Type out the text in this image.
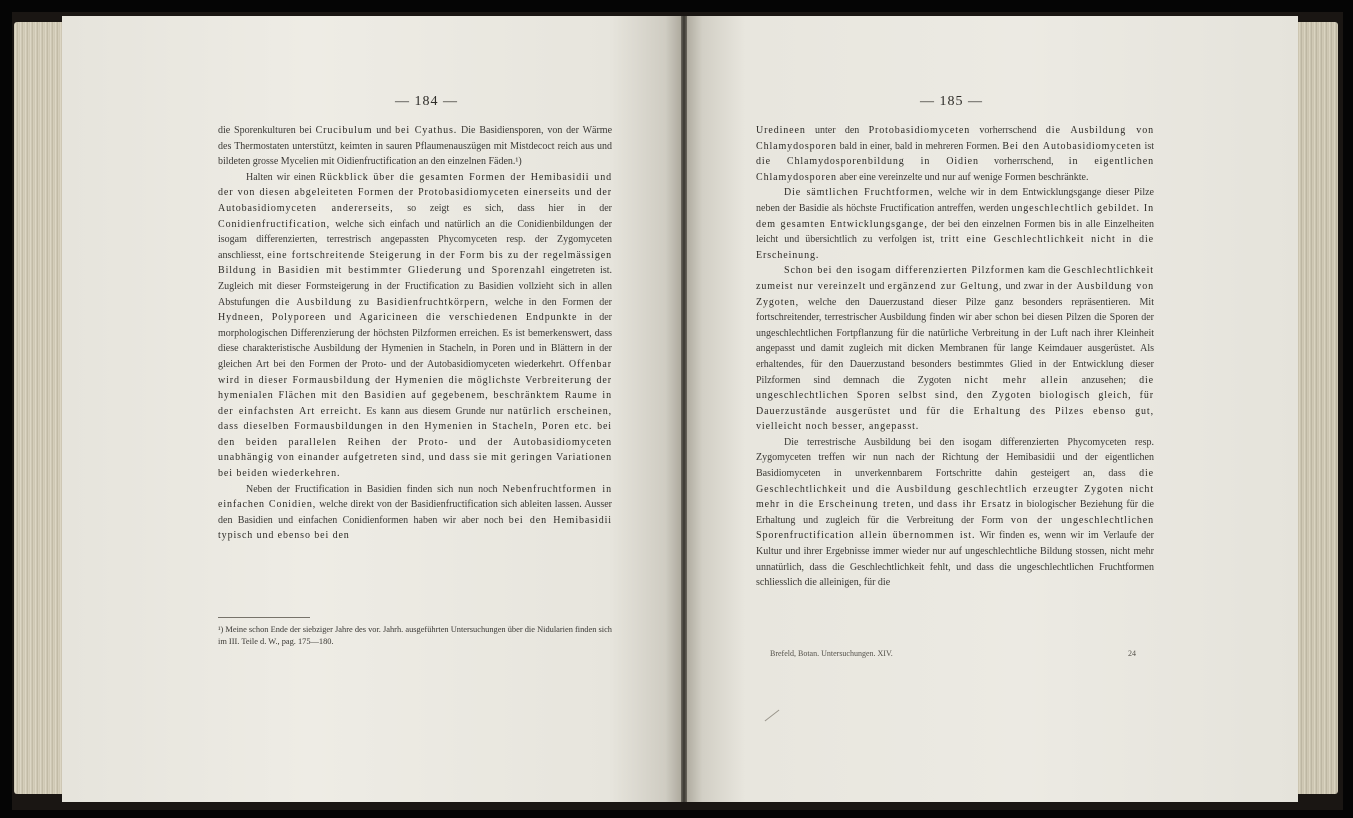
— 184 —

die Sporenkulturen bei Crucibulum und bei Cyathus. Die Basidiensporen, von der Wärme des Thermostaten unterstützt, keimten in sauren Pflaumenauszügen mit Mistdecoct reich aus und bildeten grosse Mycelien mit Oidienfructification an den einzelnen Fäden.¹)

Halten wir einen Rückblick über die gesamten Formen der Hemibasidii und der von diesen abgeleiteten Formen der Protobasidiomyceten einerseits und der Autobasidiomyceten andererseits, so zeigt es sich, dass hier in der Conidienfructification, welche sich einfach und natürlich an die Conidienbildungen der isogam differenzierten, terrestrisch angepassten Phycomyceten resp. der Zygomyceten anschliesst, eine fortschreitende Steigerung in der Form bis zu der regelmässigen Bildung in Basidien mit bestimmter Gliederung und Sporenzahl eingetreten ist. Zugleich mit dieser Formsteigerung in der Fructification zu Basidien vollzieht sich in allen Abstufungen die Ausbildung zu Basidienfruchtkörpern, welche in den Formen der Hydneen, Polyporeen und Agaricineen die verschiedenen Endpunkte in der morphologischen Differenzierung der höchsten Pilzformen erreichen. Es ist bemerkenswert, dass diese charakteristische Ausbildung der Hymenien in Stacheln, in Poren und in Blättern in der gleichen Art bei den Formen der Proto- und der Autobasidiomyceten wiederkehrt. Offenbar wird in dieser Formausbildung der Hymenien die möglichste Verbreiterung der hymenialen Flächen mit den Basidien auf gegebenem, beschränktem Raume in der einfachsten Art erreicht. Es kann aus diesem Grunde nur natürlich erscheinen, dass dieselben Formausbildungen in den Hymenien in Stacheln, Poren etc. bei den beiden parallelen Reihen der Proto- und der Autobasidiomyceten unabhängig von einander aufgetreten sind, und dass sie mit geringen Variationen bei beiden wiederkehren.

Neben der Fructification in Basidien finden sich nun noch Nebenfruchtformen in einfachen Conidien, welche direkt von der Basidienfructification sich ableiten lassen. Ausser den Basidien und einfachen Conidienformen haben wir aber noch bei den Hemibasidii typisch und ebenso bei den

¹) Meine schon Ende der siebziger Jahre des vor. Jahrh. ausgeführten Untersuchungen über die Nidularien finden sich im III. Teile d. W., pag. 175—180.
— 185 —

Uredineen unter den Protobasidiomyceten vorherrschend die Ausbildung von Chlamydosporen bald in einer, bald in mehreren Formen. Bei den Autobasidiomyceten ist die Chlamydosporenbildung in Oidien vorherrschend, in eigentlichen Chlamydosporen aber eine vereinzelte und nur auf wenige Formen beschränkte.

Die sämtlichen Fruchtformen, welche wir in dem Entwicklungsgange dieser Pilze neben der Basidie als höchste Fructification antreffen, werden ungeschlechtlich gebildet. In dem gesamten Entwicklungsgange, der bei den einzelnen Formen bis in alle Einzelheiten leicht und übersichtlich zu verfolgen ist, tritt eine Geschlechtlichkeit nicht in die Erscheinung.

Schon bei den isogam differenzierten Pilzformen kam die Geschlechtlichkeit zumeist nur vereinzelt und ergänzend zur Geltung, und zwar in der Ausbildung von Zygoten, welche den Dauerzustand dieser Pilze ganz besonders repräsentieren. Mit fortschreitender, terrestrischer Ausbildung finden wir aber schon bei diesen Pilzen die Sporen der ungeschlechtlichen Fortpflanzung für die natürliche Verbreitung in der Luft nach ihrer Kleinheit angepasst und damit zugleich mit dicken Membranen für lange Keimdauer ausgerüstet. Als erhaltendes, für den Dauerzustand besonders bestimmtes Glied in der Entwicklung dieser Pilzformen sind demnach die Zygoten nicht mehr allein anzusehen; die ungeschlechtlichen Sporen selbst sind, den Zygoten biologisch gleich, für Dauerzustände ausgerüstet und für die Erhaltung des Pilzes ebenso gut, vielleicht noch besser, angepasst.

Die terrestrische Ausbildung bei den isogam differenzierten Phycomyceten resp. Zygomyceten treffen wir nun nach der Richtung der Hemibasidii und der eigentlichen Basidiomyceten in unverkennbarem Fortschritte dahin gesteigert an, dass die Geschlechtlichkeit und die Ausbildung geschlechtlich erzeugter Zygoten nicht mehr in die Erscheinung treten, und dass ihr Ersatz in biologischer Beziehung für die Erhaltung und zugleich für die Verbreitung der Form von der ungeschlechtlichen Sporenfructification allein übernommen ist. Wir finden es, wenn wir im Verlaufe der Kultur und ihrer Ergebnisse immer wieder nur auf ungeschlechtliche Bildung stossen, nicht mehr unnatürlich, dass die Geschlechtlichkeit fehlt, und dass die ungeschlechtlichen Fruchtformen schliesslich die alleinigen, für die

Brefeld, Botan. Untersuchungen. XIV.	24
